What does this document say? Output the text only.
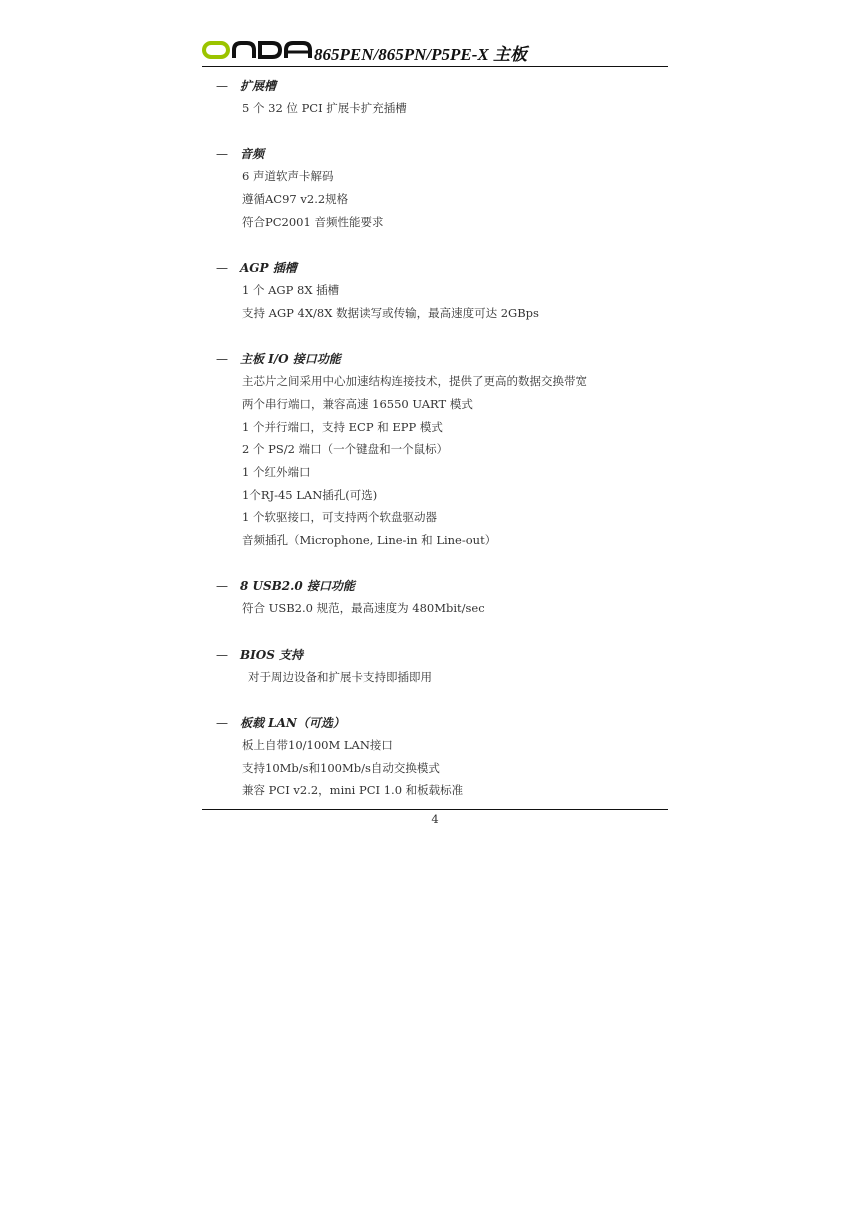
865PEN/865PN/P5PE-X 主板
— 扩展槽
5 个 32 位 PCI 扩展卡扩充插槽
— 音频
6 声道软声卡解码
遵循AC97 v2.2规格
符合PC2001 音频性能要求
— AGP 插槽
1 个 AGP 8X 插槽
支持 AGP 4X/8X 数据读写或传输，最高速度可达 2GBps
— 主板 I/O 接口功能
主芯片之间采用中心加速结构连接技术，提供了更高的数据交换带宽
两个串行端口，兼容高速 16550 UART 模式
1 个并行端口，支持 ECP 和 EPP 模式
2 个 PS/2 端口（一个键盘和一个鼠标）
1 个红外端口
1个RJ-45 LAN插孔(可选)
1 个软驱接口，可支持两个软盘驱动器
音频插孔（Microphone, Line-in 和 Line-out）
— 8 USB2.0 接口功能
符合 USB2.0 规范，最高速度为 480Mbit/sec
— BIOS 支持
对于周边设备和扩展卡支持即插即用
— 板载 LAN（可选）
板上自带10/100M LAN接口
支持10Mb/s和100Mb/s自动交换模式
兼容 PCI v2.2，mini PCI 1.0 和板载标准
4
